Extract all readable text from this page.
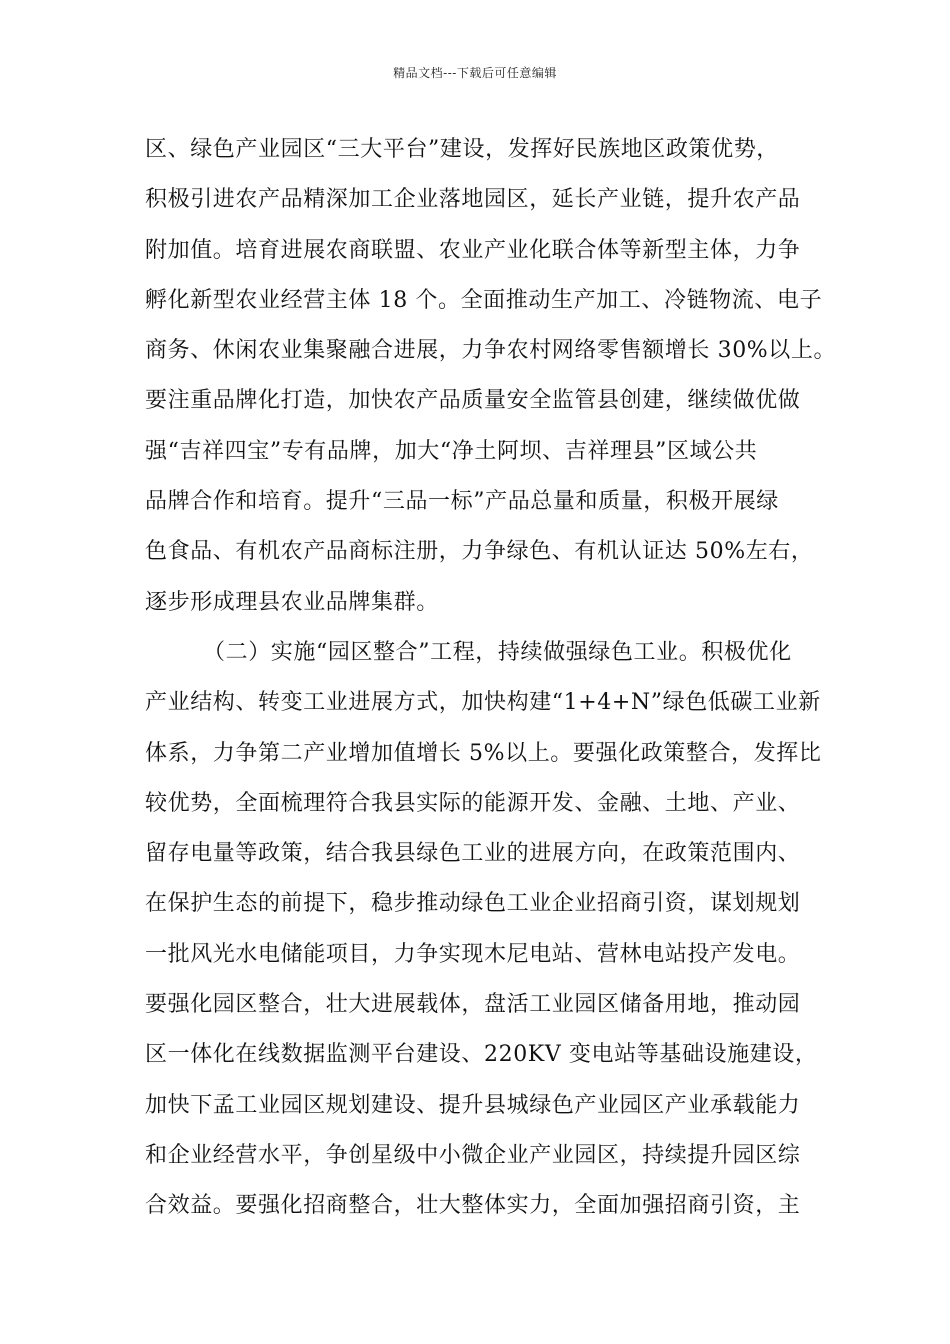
精品文档---下载后可任意编辑
区、绿色产业园区“三大平台”建设，发挥好民族地区政策优势，
积极引进农产品精深加工企业落地园区，延长产业链，提升农产品
附加值。培育进展农商联盟、农业产业化联合体等新型主体，力争
孵化新型农业经营主体 18 个。全面推动生产加工、冷链物流、电子
商务、休闲农业集聚融合进展，力争农村网络零售额增长 30%以上。
要注重品牌化打造，加快农产品质量安全监管县创建，继续做优做
强“吉祥四宝”专有品牌，加大“净土阿坝、吉祥理县”区域公共
品牌合作和培育。提升“三品一标”产品总量和质量，积极开展绿
色食品、有机农产品商标注册，力争绿色、有机认证达 50%左右，
逐步形成理县农业品牌集群。
（二）实施“园区整合”工程，持续做强绿色工业。积极优化
产业结构、转变工业进展方式，加快构建“1+4+N”绿色低碳工业新
体系，力争第二产业增加值增长 5%以上。要强化政策整合，发挥比
较优势，全面梳理符合我县实际的能源开发、金融、土地、产业、
留存电量等政策，结合我县绿色工业的进展方向，在政策范围内、
在保护生态的前提下，稳步推动绿色工业企业招商引资，谋划规划
一批风光水电储能项目，力争实现木尼电站、营林电站投产发电。
要强化园区整合，壮大进展载体，盘活工业园区储备用地，推动园
区一体化在线数据监测平台建设、220KV 变电站等基础设施建设，
加快下孟工业园区规划建设、提升县城绿色产业园区产业承载能力
和企业经营水平，争创星级中小微企业产业园区，持续提升园区综
合效益。要强化招商整合，壮大整体实力，全面加强招商引资，主
